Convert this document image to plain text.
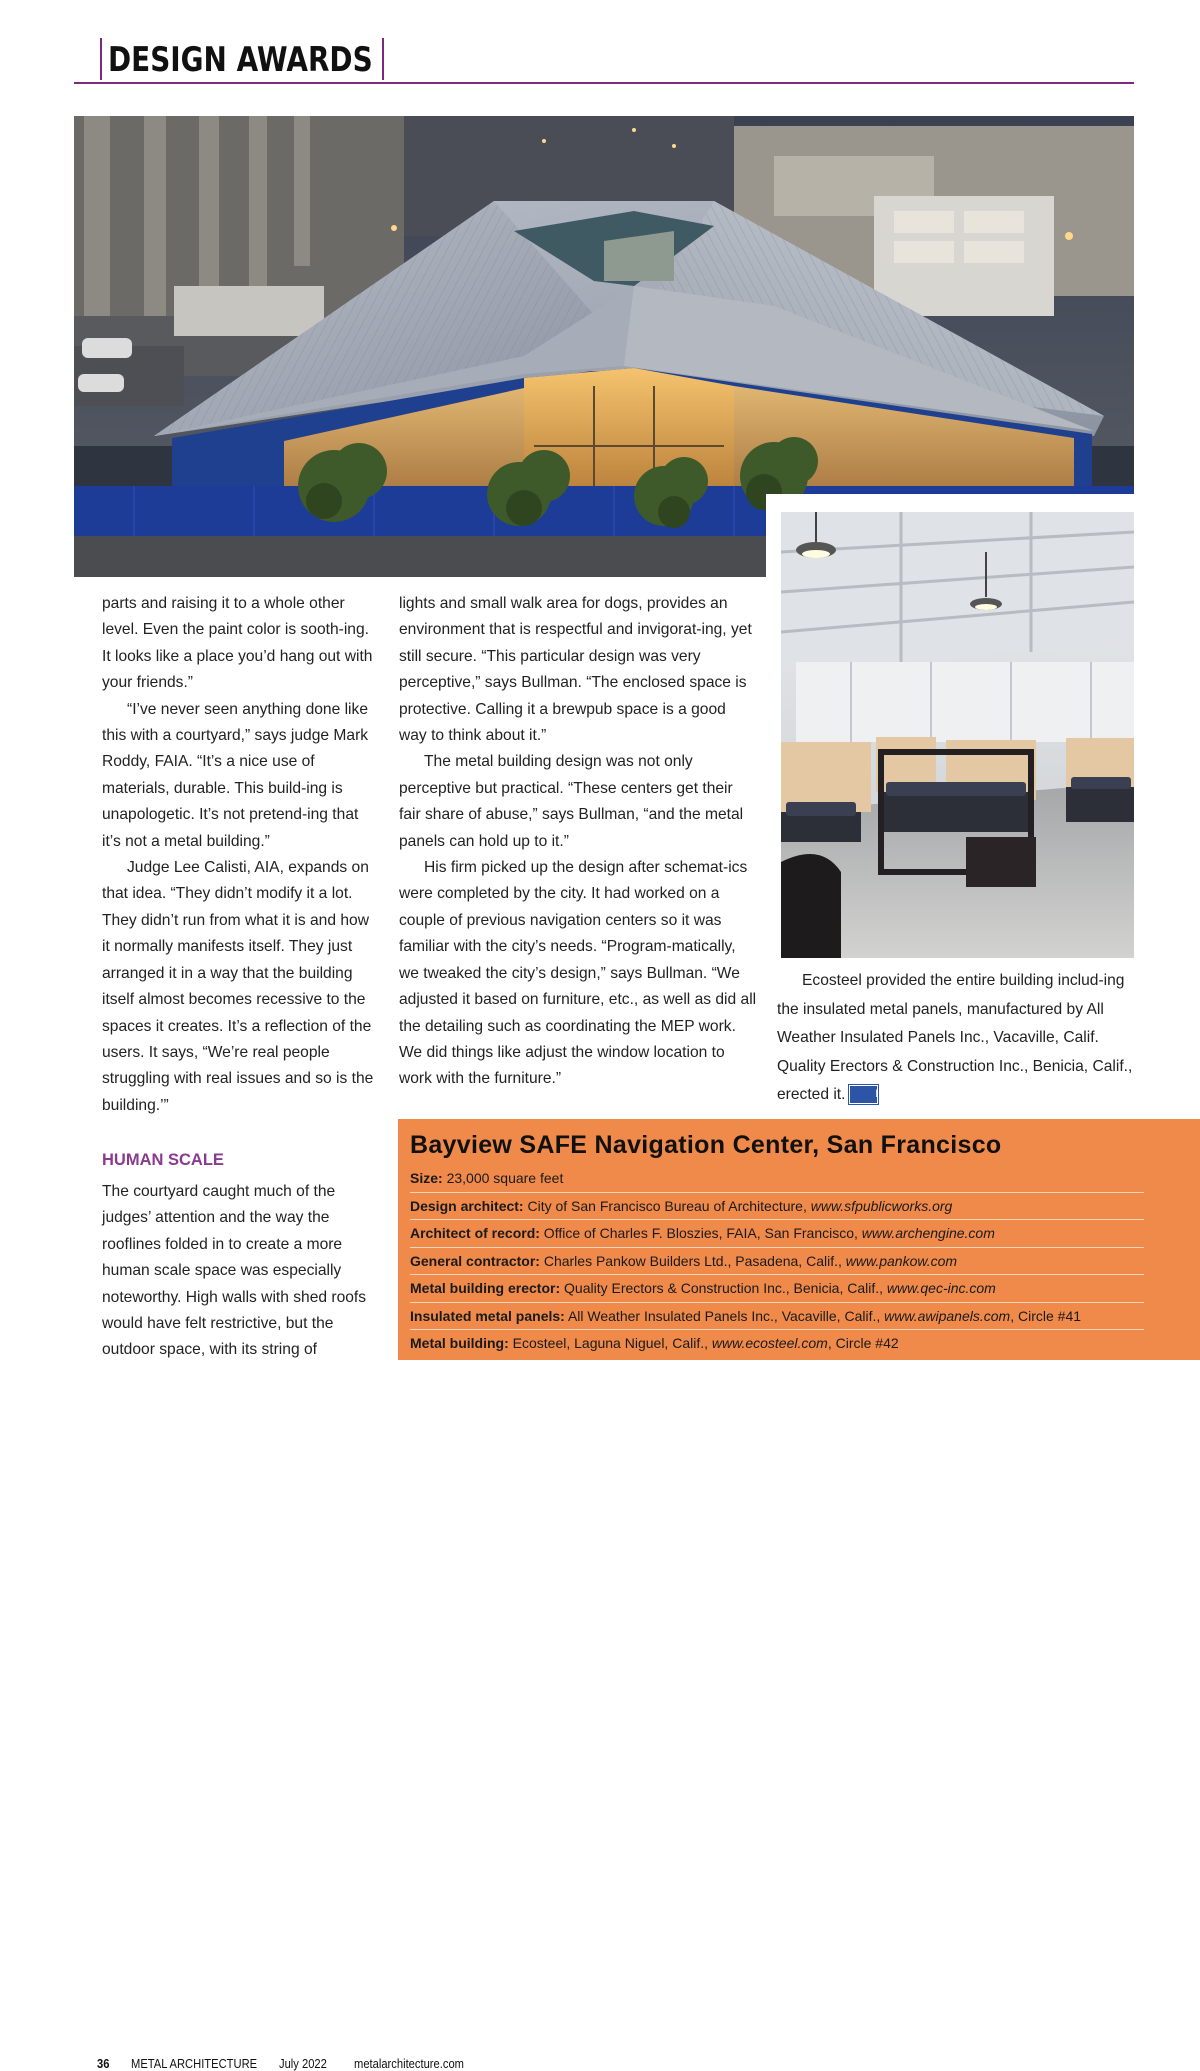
DESIGN AWARDS

parts and raising it to a whole other level. Even the paint color is sooth-ing. It looks like a place you’d hang out with your friends.”

“I’ve never seen anything done like this with a courtyard,” says judge Mark Roddy, FAIA. “It’s a nice use of materials, durable. This build-ing is unapologetic. It’s not pretend-ing that it’s not a metal building.”

Judge Lee Calisti, AIA, expands on that idea. “They didn’t modify it a lot. They didn’t run from what it is and how it normally manifests itself. They just arranged it in a way that the building itself almost becomes recessive to the spaces it creates. It’s a reflection of the users. It says, “We’re real people struggling with real issues and so is the building.’”

HUMAN SCALE

The courtyard caught much of the judges’ attention and the way the rooflines folded in to create a more human scale space was especially noteworthy. High walls with shed roofs would have felt restrictive, but the outdoor space, with its string of

lights and small walk area for dogs, provides an environment that is respectful and invigorat-ing, yet still secure. “This particular design was very perceptive,” says Bullman. “The enclosed space is protective. Calling it a brewpub space is a good way to think about it.”

The metal building design was not only perceptive but practical. “These centers get their fair share of abuse,” says Bullman, “and the metal panels can hold up to it.”

His firm picked up the design after schemat-ics were completed by the city. It had worked on a couple of previous navigation centers so it was familiar with the city’s needs. “Program-matically, we tweaked the city’s design,” says Bullman. “We adjusted it based on furniture, etc., as well as did all the detailing such as coordinating the MEP work. We did things like adjust the window location to work with the furniture.”

Ecosteel provided the entire building includ-ing the insulated metal panels, manufactured by All Weather Insulated Panels Inc., Vacaville, Calif. Quality Erectors & Construction Inc., Benicia, Calif., erected it.	MA

Bayview SAFE Navigation Center, San Francisco
Size: 23,000 square feet
Design architect: City of San Francisco Bureau of Architecture, www.sfpublicworks.org
Architect of record: Office of Charles F. Bloszies, FAIA, San Francisco, www.archengine.com
General contractor: Charles Pankow Builders Ltd., Pasadena, Calif., www.pankow.com
Metal building erector: Quality Erectors & Construction Inc., Benicia, Calif., www.qec-inc.com
Insulated metal panels: All Weather Insulated Panels Inc., Vacaville, Calif., www.awipanels.com, Circle #41
Metal building: Ecosteel, Laguna Niguel, Calif., www.ecosteel.com, Circle #42
36 METAL ARCHITECTURE July 2022 metalarchitecture.com
